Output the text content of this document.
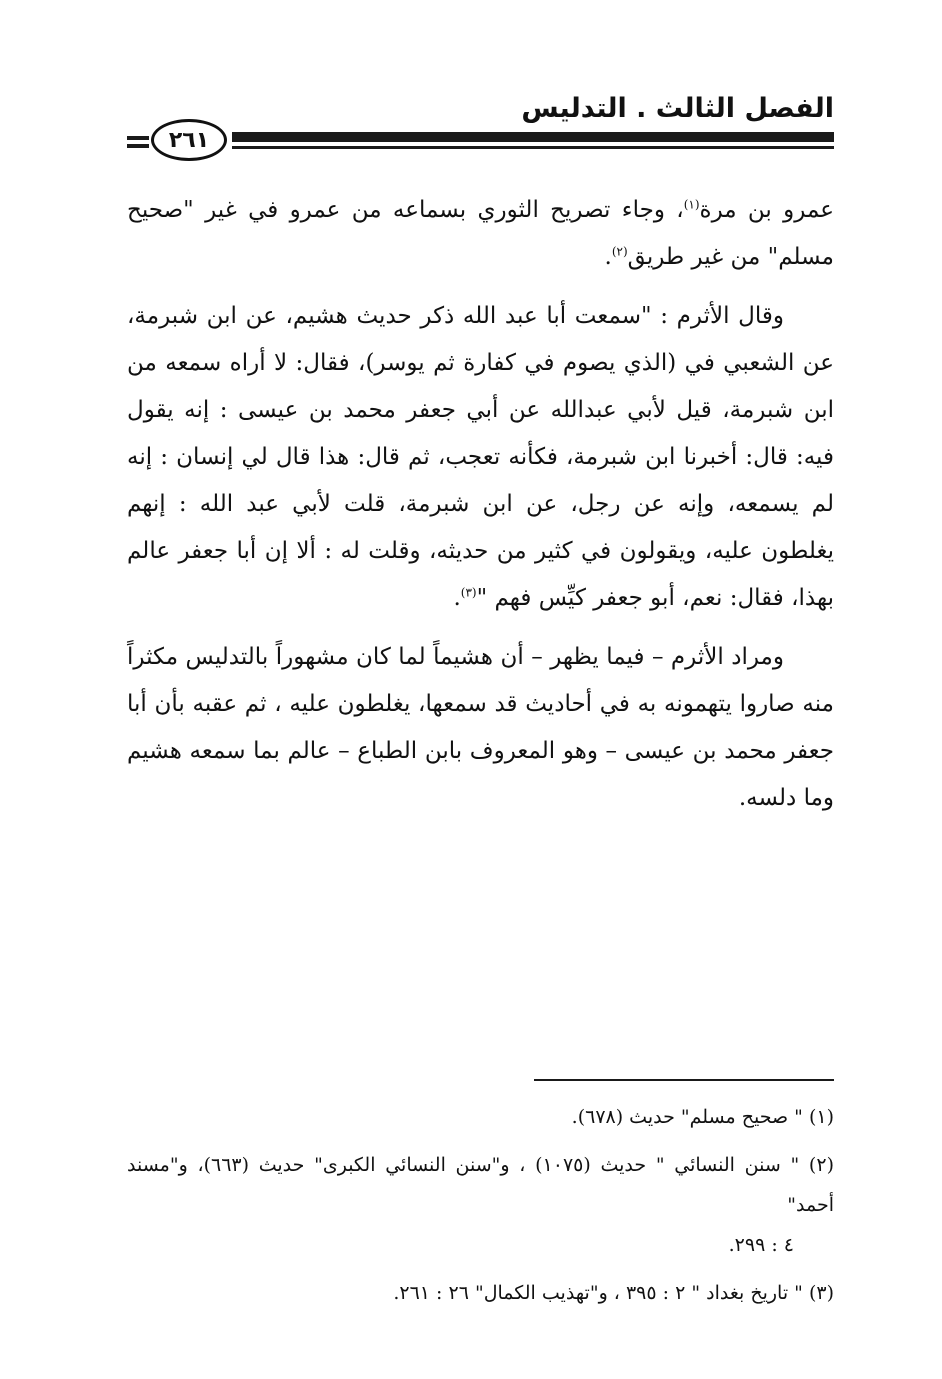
الفصل الثالث . التدليس
٢٦١

عمرو بن مرة$^{(١)}$، وجاء تصريح الثوري بسماعه من عمرو في غير "صحيح مسلم" من غير طريق$^{(٢)}$.

وقال الأثرم : "سمعت أبا عبد الله ذكر حديث هشيم، عن ابن شبرمة، عن الشعبي في (الذي يصوم في كفارة ثم يوسر)، فقال: لا أراه سمعه من ابن شبرمة، قيل لأبي عبدالله عن أبي جعفر محمد بن عيسى : إنه يقول فيه: قال: أخبرنا ابن شبرمة، فكأنه تعجب، ثم قال: هذا قال لي إنسان : إنه لم يسمعه، وإنه عن رجل، عن ابن شبرمة، قلت لأبي عبد الله : إنهم يغلطون عليه، ويقولون في كثير من حديثه، وقلت له : ألا إن أبا جعفر عالم بهذا، فقال: نعم، أبو جعفر كيِّس فهم "$^{(٣)}$.

ومراد الأثرم – فيما يظهر – أن هشيماً لما كان مشهوراً بالتدليس مكثراً منه صاروا يتهمونه به في أحاديث قد سمعها، يغلطون عليه ، ثم عقبه بأن أبا جعفر محمد بن عيسى – وهو المعروف بابن الطباع – عالم بما سمعه هشيم وما دلسه.

(١) " صحيح مسلم" حديث (٦٧٨).
(٢) " سنن النسائي " حديث (١٠٧٥) ، و"سنن النسائي الكبرى" حديث (٦٦٣)، و"مسند أحمد"
٤ : ٢٩٩.
(٣) " تاريخ بغداد " ٢ : ٣٩٥ ، و"تهذيب الكمال" ٢٦ : ٢٦١.
